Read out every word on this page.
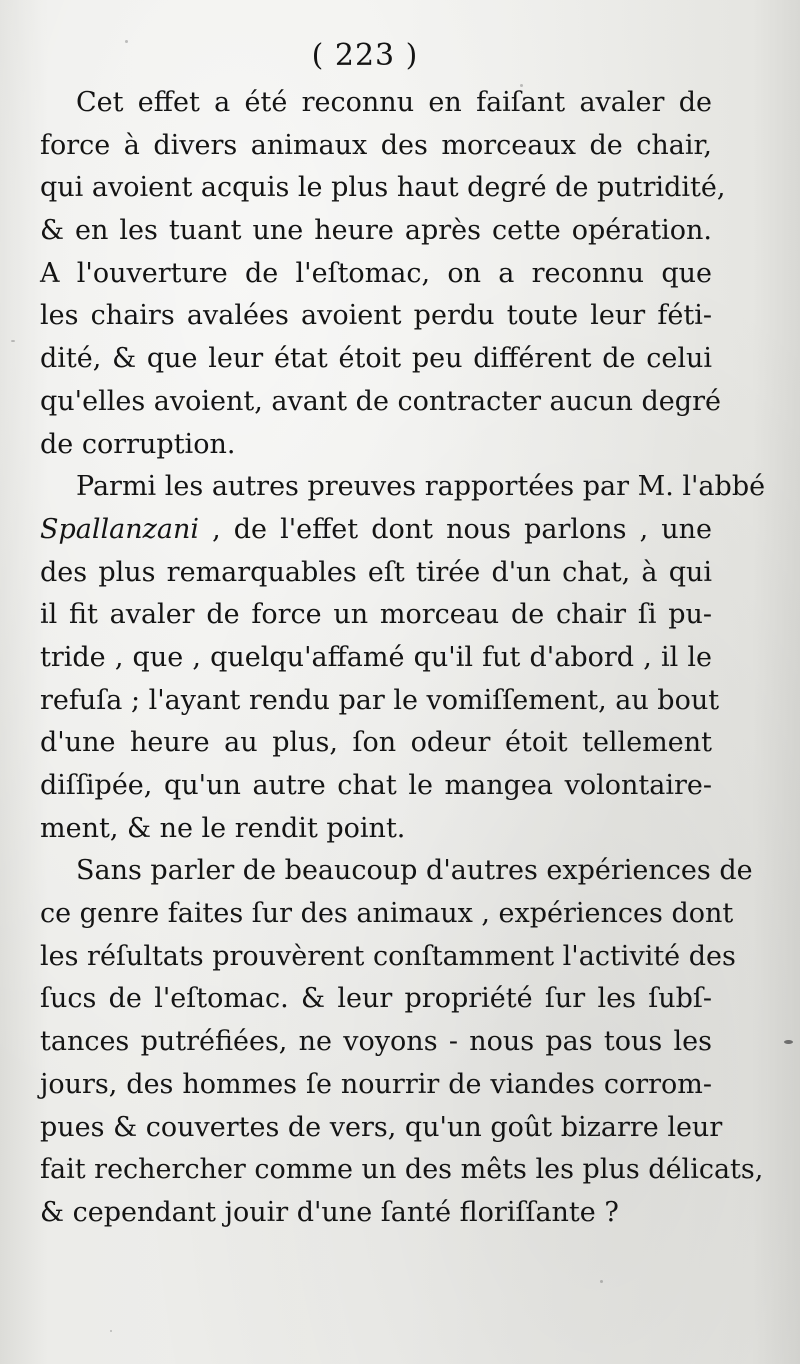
( 223 )
Cet effet a été reconnu en faiſant avaler de
force à divers animaux des morceaux de chair,
qui avoient acquis le plus haut degré de putridité,
& en les tuant une heure après cette opération.
A l'ouverture de l'eſtomac, on a reconnu que
les chairs avalées avoient perdu toute leur féti-
dité, & que leur état étoit peu différent de celui
qu'elles avoient, avant de contracter aucun degré
de corruption.
Parmi les autres preuves rapportées par M. l'abbé
Spallanzani , de l'effet dont nous parlons , une
des plus remarquables eſt tirée d'un chat, à qui
il fit avaler de force un morceau de chair ſi pu-
tride , que , quelqu'affamé qu'il fut d'abord , il le
refuſa ; l'ayant rendu par le vomiſſement, au bout
d'une heure au plus, ſon odeur étoit tellement
diſſipée, qu'un autre chat le mangea volontaire-
ment, & ne le rendit point.
Sans parler de beaucoup d'autres expériences de
ce genre faites ſur des animaux , expériences dont
les réſultats prouvèrent conſtamment l'activité des
ſucs de l'eſtomac. & leur propriété ſur les ſubſ-
tances putréfiées, ne voyons - nous pas tous les
jours, des hommes ſe nourrir de viandes corrom-
pues & couvertes de vers, qu'un goût bizarre leur
fait rechercher comme un des mêts les plus délicats,
& cependant jouir d'une ſanté floriſſante ?
